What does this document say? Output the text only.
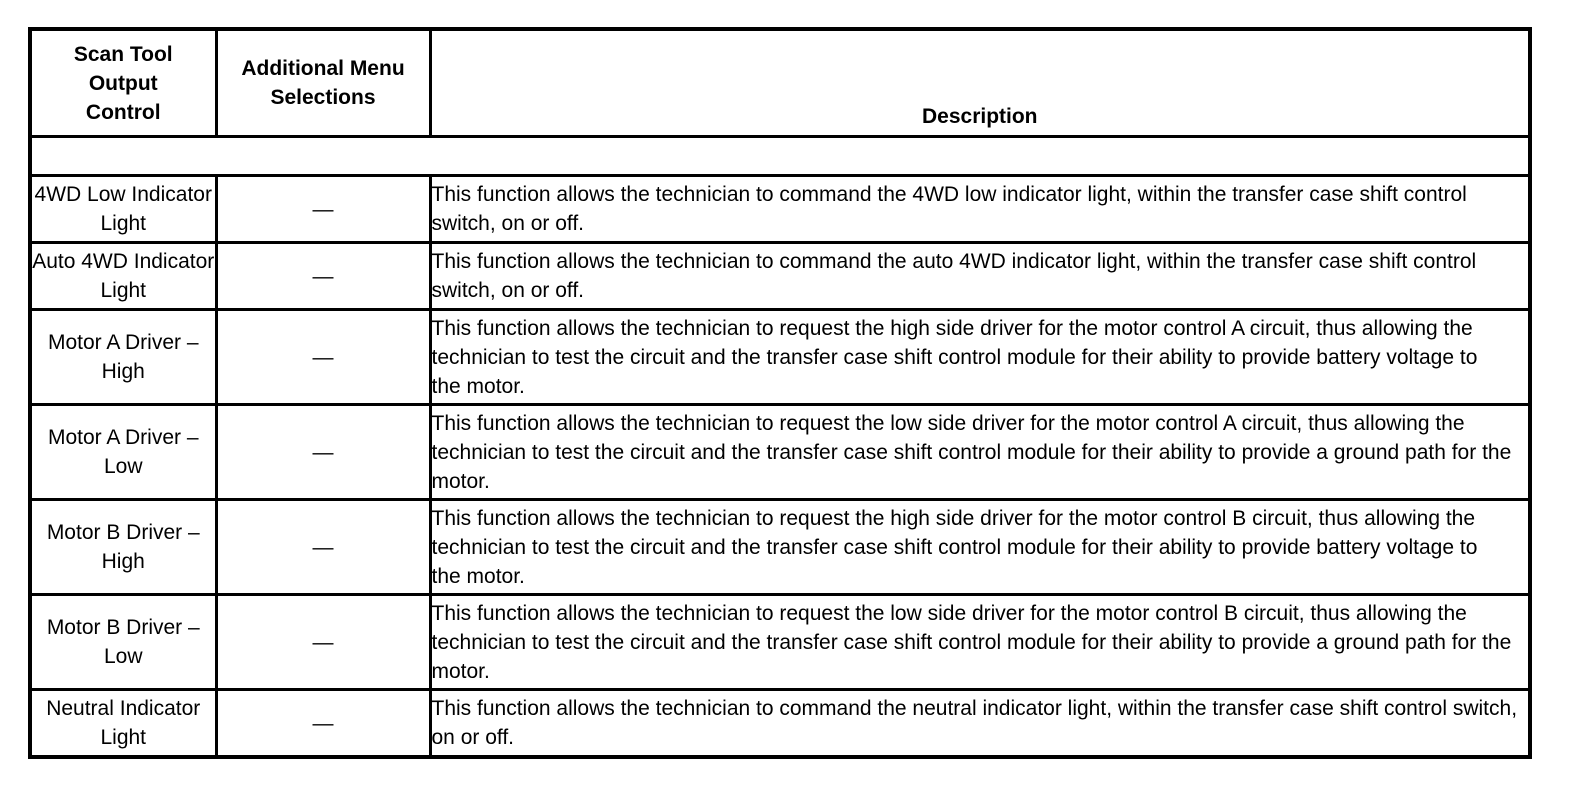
Scan Tool Output Control	Additional Menu Selections	Description

4WD Low Indicator Light	—	This function allows the technician to command the 4WD low indicator light, within the transfer case shift control switch, on or off.
Auto 4WD Indicator Light	—	This function allows the technician to command the auto 4WD indicator light, within the transfer case shift control switch, on or off.
Motor A Driver – High	—	This function allows the technician to request the high side driver for the motor control A circuit, thus allowing the technician to test the circuit and the transfer case shift control module for their ability to provide battery voltage to the motor.
Motor A Driver – Low	—	This function allows the technician to request the low side driver for the motor control A circuit, thus allowing the technician to test the circuit and the transfer case shift control module for their ability to provide a ground path for the motor.
Motor B Driver – High	—	This function allows the technician to request the high side driver for the motor control B circuit, thus allowing the technician to test the circuit and the transfer case shift control module for their ability to provide battery voltage to the motor.
Motor B Driver – Low	—	This function allows the technician to request the low side driver for the motor control B circuit, thus allowing the technician to test the circuit and the transfer case shift control module for their ability to provide a ground path for the motor.
Neutral Indicator Light	—	This function allows the technician to command the neutral indicator light, within the transfer case shift control switch, on or off.
